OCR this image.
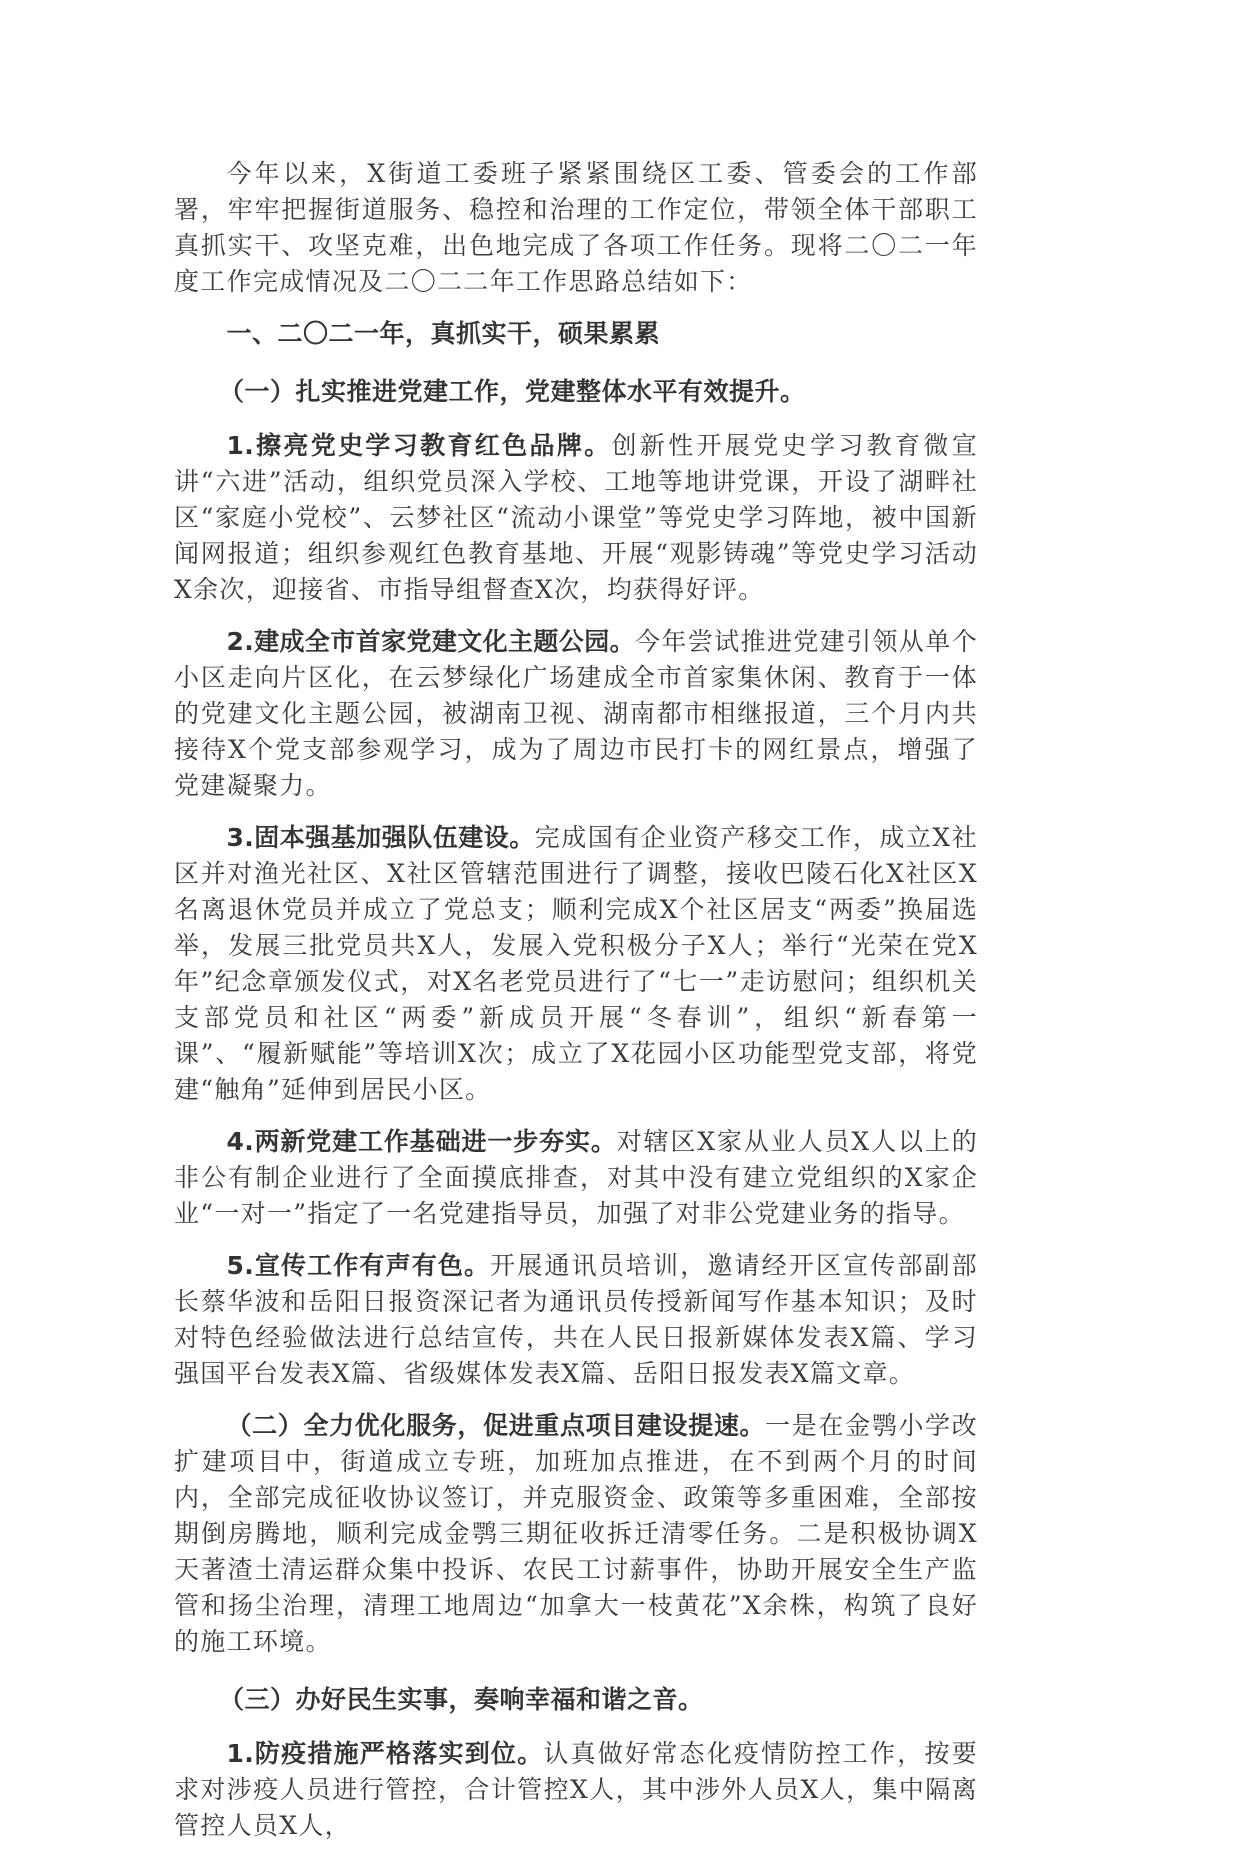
今年以来，X街道工委班子紧紧围绕区工委、管委会的工作部署，牢牢把握街道服务、稳控和治理的工作定位，带领全体干部职工真抓实干、攻坚克难，出色地完成了各项工作任务。现将二〇二一年度工作完成情况及二〇二二年工作思路总结如下：

一、二〇二一年，真抓实干，硕果累累

（一）扎实推进党建工作，党建整体水平有效提升。

1.擦亮党史学习教育红色品牌。创新性开展党史学习教育微宣讲“六进”活动，组织党员深入学校、工地等地讲党课，开设了湖畔社区“家庭小党校”、云梦社区“流动小课堂”等党史学习阵地，被中国新闻网报道；组织参观红色教育基地、开展“观影铸魂”等党史学习活动X余次，迎接省、市指导组督查X次，均获得好评。

2.建成全市首家党建文化主题公园。今年尝试推进党建引领从单个小区走向片区化，在云梦绿化广场建成全市首家集休闲、教育于一体的党建文化主题公园，被湖南卫视、湖南都市相继报道，三个月内共接待X个党支部参观学习，成为了周边市民打卡的网红景点，增强了党建凝聚力。

3.固本强基加强队伍建设。完成国有企业资产移交工作，成立X社区并对渔光社区、X社区管辖范围进行了调整，接收巴陵石化X社区X名离退休党员并成立了党总支；顺利完成X个社区居支“两委”换届选举，发展三批党员共X人，发展入党积极分子X人；举行“光荣在党X年”纪念章颁发仪式，对X名老党员进行了“七一”走访慰问；组织机关支部党员和社区“两委”新成员开展“冬春训”，组织“新春第一课”、“履新赋能”等培训X次；成立了X花园小区功能型党支部，将党建“触角”延伸到居民小区。

4.两新党建工作基础进一步夯实。对辖区X家从业人员X人以上的非公有制企业进行了全面摸底排查，对其中没有建立党组织的X家企业“一对一”指定了一名党建指导员，加强了对非公党建业务的指导。

5.宣传工作有声有色。开展通讯员培训，邀请经开区宣传部副部长蔡华波和岳阳日报资深记者为通讯员传授新闻写作基本知识；及时对特色经验做法进行总结宣传，共在人民日报新媒体发表X篇、学习强国平台发表X篇、省级媒体发表X篇、岳阳日报发表X篇文章。

（二）全力优化服务，促进重点项目建设提速。一是在金鹗小学改扩建项目中，街道成立专班，加班加点推进，在不到两个月的时间内，全部完成征收协议签订，并克服资金、政策等多重困难，全部按期倒房腾地，顺利完成金鹗三期征收拆迁清零任务。二是积极协调X天著渣土清运群众集中投诉、农民工讨薪事件，协助开展安全生产监管和扬尘治理，清理工地周边“加拿大一枝黄花”X余株，构筑了良好的施工环境。

（三）办好民生实事，奏响幸福和谐之音。

1.防疫措施严格落实到位。认真做好常态化疫情防控工作，按要求对涉疫人员进行管控，合计管控X人，其中涉外人员X人，集中隔离管控人员X人，
